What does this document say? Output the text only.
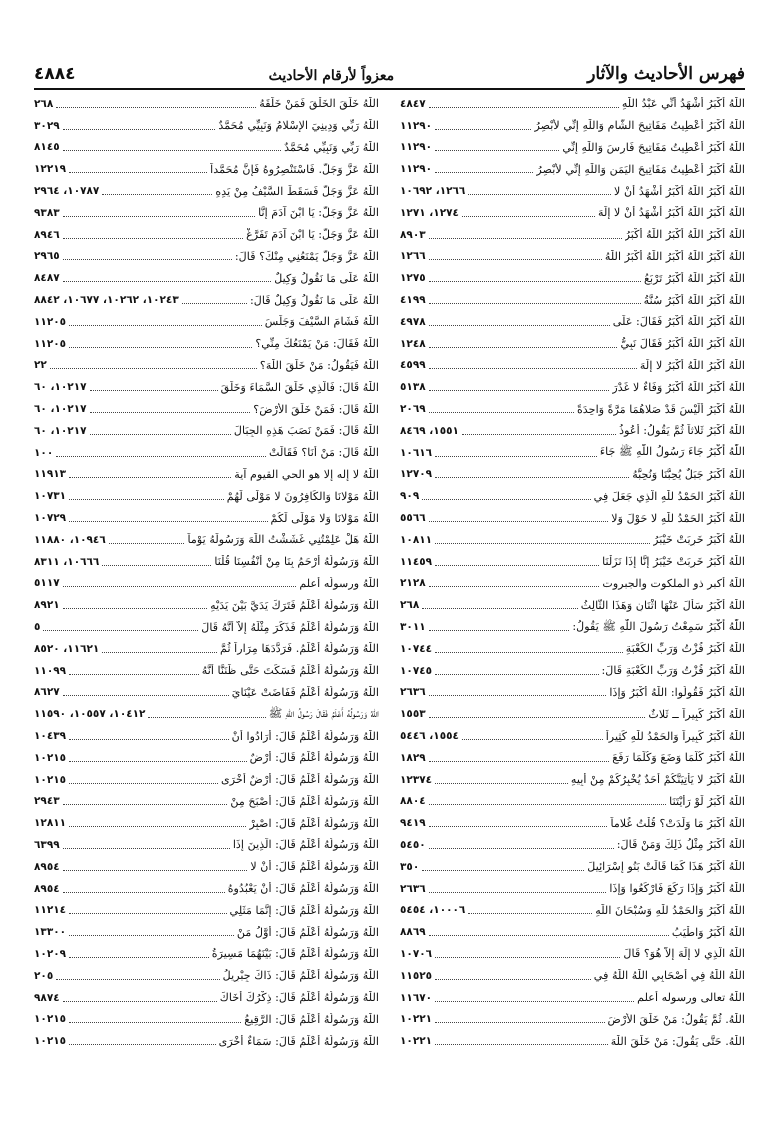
فهرس الأحاديث والآثار
معزواً لأرقام الأحاديث
٤٨٨٤
اللّٰهُ أَكْبَرُ أَشْهَدُ أَنِّي عَبْدُ اللّٰهِ
٤٨٤٧
اللّٰهُ أَكْبَرُ أُعْطِيتُ مَفَاتِيحَ الشَّامِ وَاللّٰهِ إِنِّي لأَبْصِرُ
١١٢٩٠
اللّٰهُ أَكْبَرُ أُعْطِيتُ مَفَاتِيحَ فَارِسَ وَاللّٰهِ إِنِّي
١١٢٩٠
اللّٰهُ أَكْبَرُ أُعْطِيتُ مَفَاتِيحَ اليَمَنِ وَاللّٰهِ إِنِّي لأَبْصِرُ
١١٢٩٠
اللّٰهُ أَكْبَرُ اللّٰهُ أَكْبَرُ أَشْهَدُ أَنْ لا
١٢٦٦، ١٠٦٩٢
اللّٰهُ أَكْبَرُ اللّٰهُ أَكْبَرُ أَشْهَدُ أَنْ لا إِلَهَ
١٢٧٤، ١٢٧١
اللّٰهُ أَكْبَرُ اللّٰهُ أَكْبَرُ اللّٰهُ أَكْبَرُ
٨٩٠٣
اللّٰهُ أَكْبَرُ اللّٰهُ أَكْبَرُ اللّٰهُ أَكْبَرُ اللّٰهُ
١٢٦٦
اللّٰهُ أَكْبَرُ اللّٰهُ أَكْبَرُ تَرْبَعُ
١٢٧٥
اللّٰهُ أَكْبَرُ اللّٰهُ أَكْبَرُ سُنَّةُ
٤١٩٩
اللّٰهُ أَكْبَرُ اللّٰهُ أَكْبَرُ فَقَالَ: عَلَى
٤٩٧٨
اللّٰهُ أَكْبَرُ اللّٰهُ أَكْبَرُ فَقَالَ نَبِيُّ
١٢٤٨
اللّٰهُ أَكْبَرُ اللّٰهُ أَكْبَرُ لا إِلَهَ
٤٥٩٩
اللّٰهُ أَكْبَرُ اللّٰهُ أَكْبَرُ وَفَاءٌ لا غَدْرَ
٥١٣٨
اللّٰهُ أَكْبَرُ أَلَيْسَ قَدْ صَلاهُمَا مَرَّةً وَاحِدَةً
٢٠٦٩
اللّٰهُ أَكْبَرُ ثَلاثاً ثُمَّ يَقُولُ: أَعُوذُ
١٥٥١، ٨٤٦٩
اللّٰهُ أَكْبَرُ جَاءَ رَسُولُ اللّٰهِ ﷺ جَاءَ
١٠٦١٦
اللّٰهُ أَكْبَرُ جَبَلٌ يُحِبُّنَا وَنُحِبُّهُ
١٢٧٠٩
اللّٰهُ أَكْبَرُ الحَمْدُ للّٰهِ الَّذِي جَعَلَ فِي
٩٠٩
اللّٰهُ أَكْبَرُ الحَمْدُ للّٰهِ لا حَوْلَ وَلا
٥٥٦٦
اللّٰهُ أَكْبَرُ خَرِبَتْ خَيْبَرُ
١٠٨١١
اللّٰهُ أَكْبَرُ خَرِبَتْ خَيْبَرُ إِنَّا إِذَا نَزَلْنَا
١١٤٥٩
اللّٰهُ أكبر ذو الملكوت والجبروت
٢١٢٨
اللّٰهُ أَكْبَرُ سَأَلَ عَنْهَا اثْنَانِ وَهَذَا الثَّالِثُ
٢٦٨
اللّٰهُ أَكْبَرُ سَمِعْتُ رَسُولَ اللّٰهِ ﷺ يَقُولُ:
٣٠١١
اللّٰهُ أَكْبَرُ فُزْتُ وَرَبِّ الكَعْبَةِ
١٠٧٤٤
اللّٰهُ أَكْبَرُ فُزْتُ وَرَبِّ الكَعْبَةِ قَالَ:
١٠٧٤٥
اللّٰهُ أَكْبَرُ فَقُولُوا: اللّٰهُ أَكْبَرُ وَإِذَا
٢٦٣٦
اللّٰهُ أَكْبَرُ كَبِيراً ــ ثَلاثٌ
١٥٥٣
اللّٰهُ أَكْبَرُ كَبِيراً وَالحَمْدُ للّٰهِ كَثِيراً
١٥٥٤، ٥٤٤٦
اللّٰهُ أَكْبَرُ كُلَّمَا وَضَعَ وَكُلَّمَا رَفَعَ
١٨٢٩
اللّٰهُ أَكْبَرُ لا يَأْتِيَنَّكُمْ أَحَدٌ يُخْبِرُكُمْ مِنْ أَبِيهِ
١٢٣٧٤
اللّٰهُ أَكْبَرُ لَوْ رَأَيْتَنَا
٨٨٠٤
اللّٰهُ أَكْبَرُ مَا وَلَدَتْ؟ قُلْتُ غُلاماً
٩٤١٩
اللّٰهُ أَكْبَرُ مِثْلُ ذَلِكَ وَمَنْ قَالَ:
٥٤٥٠
اللّٰهُ أَكْبَرُ هَذَا كَمَا قَالَتْ بَنُو إِسْرَائِيلَ
٣٥٠
اللّٰهُ أَكْبَرُ وَإِذَا رَكَعَ فَارْكَعُوا وَإِذَا
٢٦٣٦
اللّٰهُ أَكْبَرُ وَالحَمْدُ للّٰهِ وَسُبْحَانَ اللّٰهِ
١٠٠٠٦، ٥٤٥٤
اللّٰهُ أَكْبَرُ وَاطْيَبُ
٨٨٦٩
اللّٰهُ الَّذِي لا إِلَهَ إِلاَّ هُوَ؟ قَالَ
١٠٧٠٦
اللّٰهُ اللّٰهُ فِي أَصْحَابِي اللّٰهُ اللّٰهُ فِي
١١٥٢٥
اللّٰهُ تعالى ورسوله أعلم
١١٦٧٠
اللّٰهُ. ثُمَّ يَقُولُ: مَنْ خَلَقَ الأَرْضَ
١٠٢٢١
اللّٰهُ. حَتَّى يَقُولَ: مَنْ خَلَقَ اللّٰهَ
١٠٢٢١
اللّٰهُ خَلَقَ الخَلْقَ فَمَنْ خَلَقَهُ
٢٦٨
اللّٰهُ رَبِّي وَدِينِيَ الإِسْلامُ وَنَبِيِّي مُحَمَّدٌ
٣٠٢٩
اللّٰهُ رَبِّي وَنَبِيِّي مُحَمَّدٌ
٨١٤٥
اللّٰهُ عَزَّ وَجَلَّ. فَاسْتَنْصِرُوهُ فَإِنَّ مُحَمَّداً
١٢٢١٩
اللّٰهُ عَزَّ وَجَلَّ فَسَقَطَ السَّيْفُ مِنْ يَدِهِ
١٠٧٨٧، ٢٩٦٤
اللّٰهُ عَزَّ وَجَلَّ: يَا ابْنَ آدَمَ إِنَّا
٩٣٨٣
اللّٰهُ عَزَّ وَجَلَّ: يَا ابْنَ آدَمَ تَفَرَّغْ
٨٩٤٦
اللّٰهُ عَزَّ وَجَلَّ يَمْنَعُنِي مِنْكَ؟ قَالَ:
٢٩٦٥
اللّٰهُ عَلَى مَا نَقُولُ وَكِيلٌ
٨٤٨٧
اللّٰهُ عَلَى مَا نَقُولُ وَكِيلٌ قَالَ:
١٠٢٤٣، ١٠٢٦٢، ١٠٦٧٧، ٨٨٤٢
اللّٰهُ فَشَامَ السَّيْفَ وَجَلَسَ
١١٢٠٥
اللّٰهُ فَقَالَ: مَنْ يَمْنَعُكَ مِنِّي؟
١١٢٠٥
اللّٰهُ فَيَقُولُ: مَنْ خَلَقَ اللّٰهَ؟
٢٢
اللّٰهُ قَالَ: فَالَّذِي خَلَقَ السَّمَاءَ وَخَلَقَ
١٠٢١٧، ٦٠
اللّٰهُ قَالَ: فَمَنْ خَلَقَ الأَرْضَ؟
١٠٢١٧، ٦٠
اللّٰهُ قَالَ: فَمَنْ نَصَبَ هَذِهِ الجِبَالَ
١٠٢١٧، ٦٠
اللّٰهُ قَالَ: مَنْ أَنَا؟ فَقَالَتْ
١٠٠
اللّٰهُ لا إله إلا هو الحي القيوم آية
١١٩١٣
اللّٰهُ مَوْلانَا وَالكَافِرُونَ لا مَوْلَى لَهُمْ
١٠٧٣١
اللّٰهُ مَوْلانَا وَلا مَوْلَى لَكُمْ
١٠٧٢٩
اللّٰهُ هَلْ عَلِمْتُنِي غَشَشْتُ اللّٰهَ وَرَسُولَهُ يَوْماً
١٠٩٤٦، ١١٨٨٠
اللّٰهُ وَرَسُولُهُ أَرْحَمُ بِنَا مِنْ أَنْفُسِنَا قُلْنَا
١٠٦٦٦، ٨٣١١
اللّٰهُ ورسولُه أعلم
٥١١٧
اللّٰهُ وَرَسُولُهُ أَعْلَمُ فَتَرَكَ يَدَيَّ بَيْنَ يَدَيْهِ
٨٩٢١
اللّٰهُ وَرَسُولُهُ أَعْلَمُ فَذَكَرَ مِثْلَهُ إِلاَّ أَنَّهُ قَالَ
٥
اللّٰهُ وَرَسُولُهُ أَعْلَمُ. فَرَدَّدَهَا مِرَاراً ثُمَّ
١١٦٢١، ٨٥٢٠
اللّٰهُ وَرَسُولُهُ أَعْلَمُ فَسَكَتَ حَتَّى ظَنَنَّا أَنَّهُ
١١٠٩٩
اللّٰهُ وَرَسُولُهُ أَعْلَمُ فَفَاضَتْ عَيْنَايَ
٨٦٢٧
اللّٰهُ وَرَسُولُهُ أَعْلَمُ فَقَالَ رَسُولُ اللّٰهِ ﷺ
١٠٤١٢، ١٠٥٥٧، ١١٥٩٠
اللّٰهُ وَرَسُولُهُ أَعْلَمُ قَالَ: أَرَادُوا أَنْ
١٠٤٣٩
اللّٰهُ وَرَسُولُهُ أَعْلَمُ قَالَ: أَرْضٌ
١٠٢١٥
اللّٰهُ وَرَسُولُهُ أَعْلَمُ قَالَ: أَرْضٌ أُخْرَى
١٠٢١٥
اللّٰهُ وَرَسُولُهُ أَعْلَمُ قَالَ: أَصْبَحَ مِنْ
٢٩٤٣
اللّٰهُ وَرَسُولُهُ أَعْلَمُ قَالَ: اصْبِرْ
١٢٨١١
اللّٰهُ وَرَسُولُهُ أَعْلَمُ قَالَ: الَّذِينَ إِذَا
٦٣٩٩
اللّٰهُ وَرَسُولُهُ أَعْلَمُ قَالَ: أَنْ لا
٨٩٥٤
اللّٰهُ وَرَسُولُهُ أَعْلَمُ قَالَ: أَنْ يَعْبُدُوهُ
٨٩٥٤
اللّٰهُ وَرَسُولُهُ أَعْلَمُ قَالَ: إِنَّمَا مَثَلِي
١١٢١٤
اللّٰهُ وَرَسُولُهُ أَعْلَمُ قَالَ: أَوَّلُ مَنْ
١٣٣٠٠
اللّٰهُ وَرَسُولُهُ أَعْلَمُ قَالَ: بَيْنَهُمَا مَسِيرَةُ
١٠٢٠٩
اللّٰهُ وَرَسُولُهُ أَعْلَمُ قَالَ: ذَاكَ جِبْرِيلُ
٢٠٥
اللّٰهُ وَرَسُولُهُ أَعْلَمُ قَالَ: ذِكْرُكَ أَخَاكَ
٩٨٧٤
اللّٰهُ وَرَسُولُهُ أَعْلَمُ قَالَ: الرَّقِيعُ
١٠٢١٥
اللّٰهُ وَرَسُولُهُ أَعْلَمُ قَالَ: سَمَاءٌ أُخْرَى
١٠٢١٥
